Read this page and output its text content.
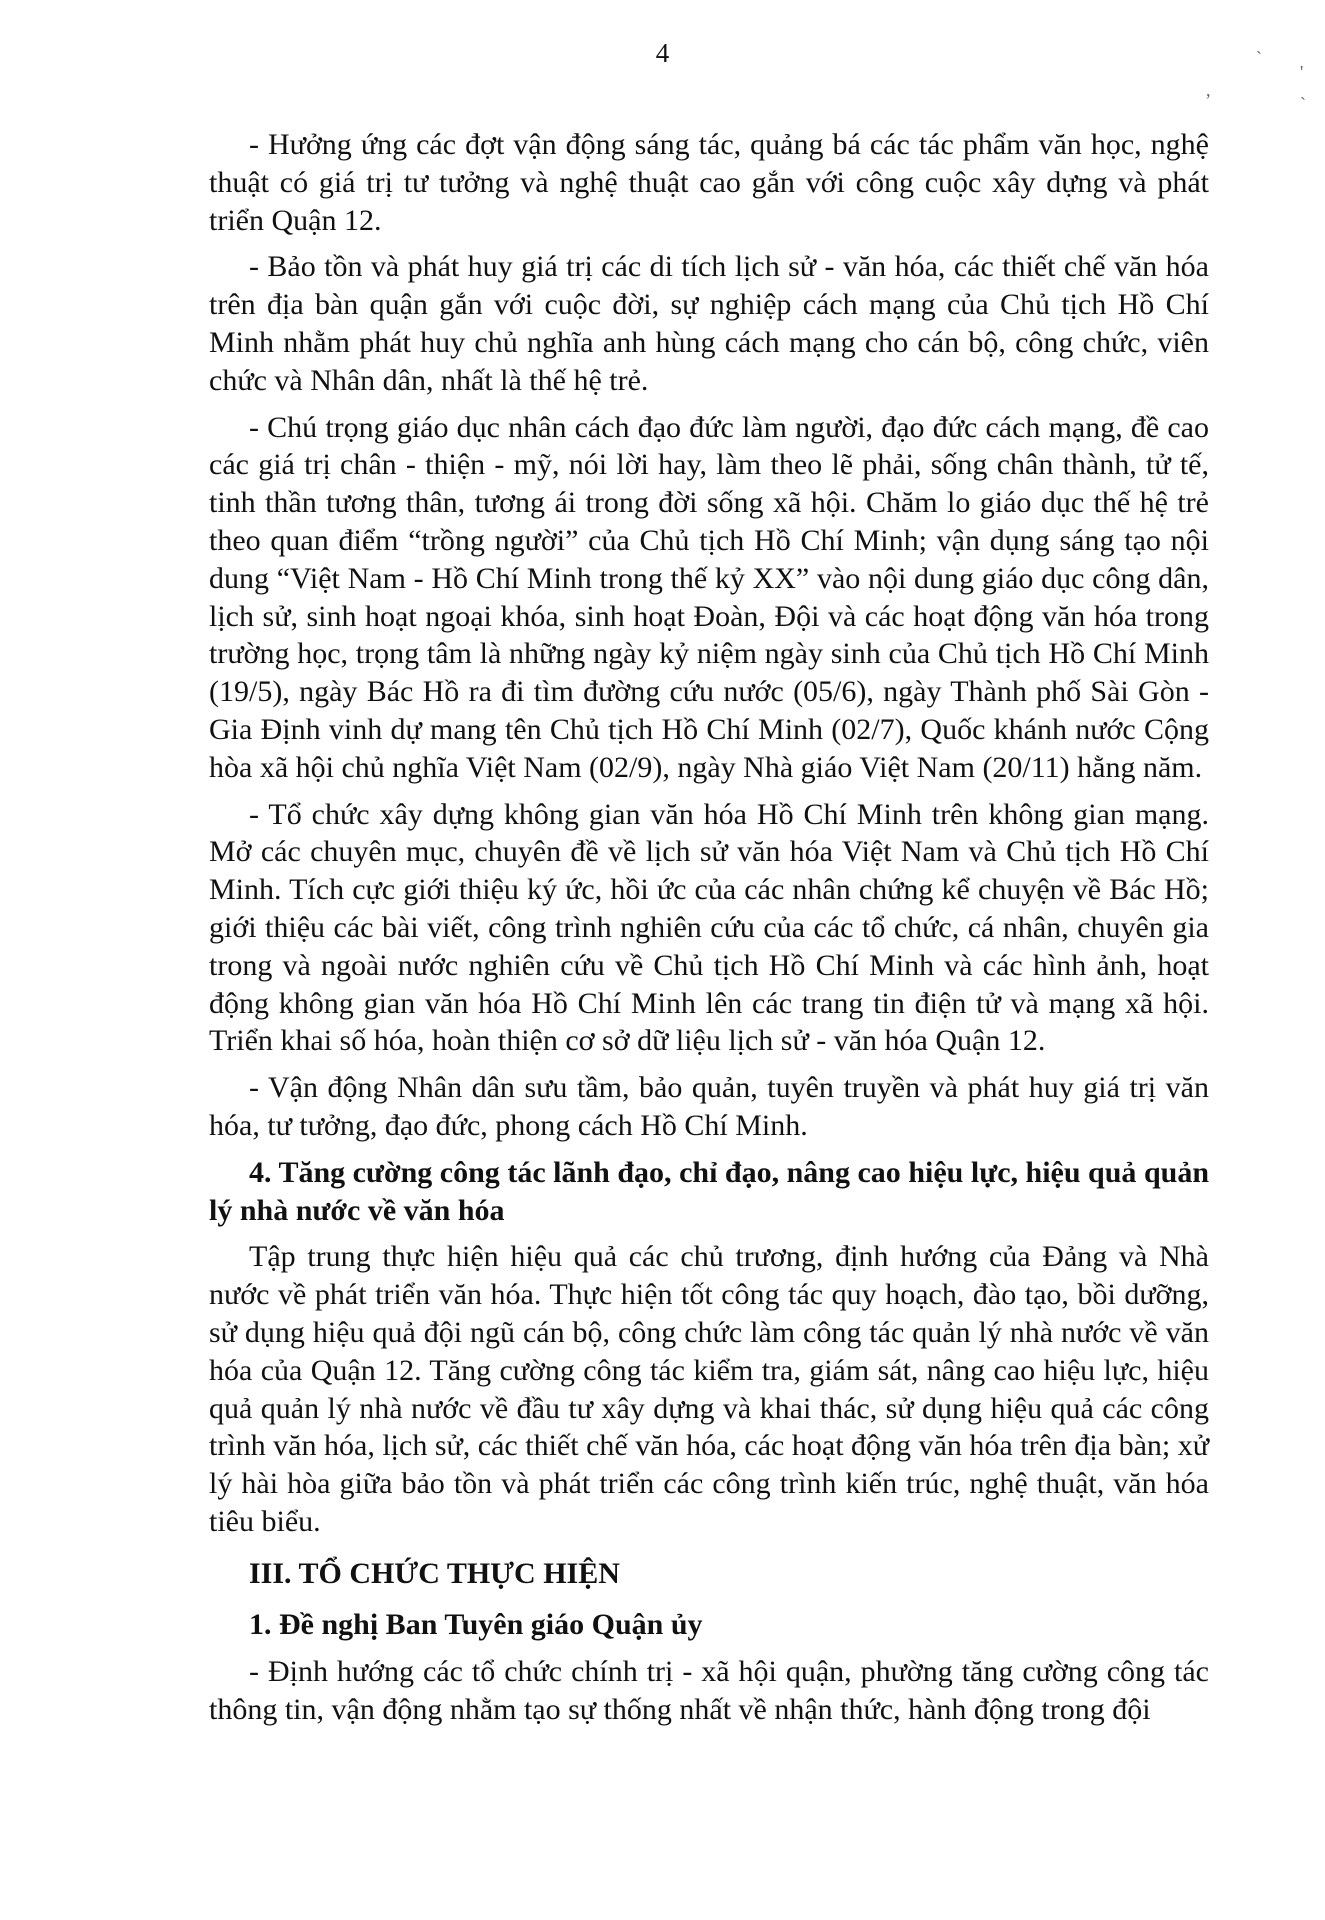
4	`
'
,	ˎ

- Hưởng ứng các đợt vận động sáng tác, quảng bá các tác phẩm văn học, nghệ thuật có giá trị tư tưởng và nghệ thuật cao gắn với công cuộc xây dựng và phát triển Quận 12.

- Bảo tồn và phát huy giá trị các di tích lịch sử - văn hóa, các thiết chế văn hóa trên địa bàn quận gắn với cuộc đời, sự nghiệp cách mạng của Chủ tịch Hồ Chí Minh nhằm phát huy chủ nghĩa anh hùng cách mạng cho cán bộ, công chức, viên chức và Nhân dân, nhất là thế hệ trẻ.

- Chú trọng giáo dục nhân cách đạo đức làm người, đạo đức cách mạng, đề cao các giá trị chân - thiện - mỹ, nói lời hay, làm theo lẽ phải, sống chân thành, tử tế, tinh thần tương thân, tương ái trong đời sống xã hội. Chăm lo giáo dục thế hệ trẻ theo quan điểm “trồng người” của Chủ tịch Hồ Chí Minh; vận dụng sáng tạo nội dung “Việt Nam - Hồ Chí Minh trong thế kỷ XX” vào nội dung giáo dục công dân, lịch sử, sinh hoạt ngoại khóa, sinh hoạt Đoàn, Đội và các hoạt động văn hóa trong trường học, trọng tâm là những ngày kỷ niệm ngày sinh của Chủ tịch Hồ Chí Minh (19/5), ngày Bác Hồ ra đi tìm đường cứu nước (05/6), ngày Thành phố Sài Gòn - Gia Định vinh dự mang tên Chủ tịch Hồ Chí Minh (02/7), Quốc khánh nước Cộng hòa xã hội chủ nghĩa Việt Nam (02/9), ngày Nhà giáo Việt Nam (20/11) hằng năm.

- Tổ chức xây dựng không gian văn hóa Hồ Chí Minh trên không gian mạng. Mở các chuyên mục, chuyên đề về lịch sử văn hóa Việt Nam và Chủ tịch Hồ Chí Minh. Tích cực giới thiệu ký ức, hồi ức của các nhân chứng kể chuyện về Bác Hồ; giới thiệu các bài viết, công trình nghiên cứu của các tổ chức, cá nhân, chuyên gia trong và ngoài nước nghiên cứu về Chủ tịch Hồ Chí Minh và các hình ảnh, hoạt động không gian văn hóa Hồ Chí Minh lên các trang tin điện tử và mạng xã hội. Triển khai số hóa, hoàn thiện cơ sở dữ liệu lịch sử - văn hóa Quận 12.

- Vận động Nhân dân sưu tầm, bảo quản, tuyên truyền và phát huy giá trị văn hóa, tư tưởng, đạo đức, phong cách Hồ Chí Minh.

4. Tăng cường công tác lãnh đạo, chỉ đạo, nâng cao hiệu lực, hiệu quả quản lý nhà nước về văn hóa

Tập trung thực hiện hiệu quả các chủ trương, định hướng của Đảng và Nhà nước về phát triển văn hóa. Thực hiện tốt công tác quy hoạch, đào tạo, bồi dưỡng, sử dụng hiệu quả đội ngũ cán bộ, công chức làm công tác quản lý nhà nước về văn hóa của Quận 12. Tăng cường công tác kiểm tra, giám sát, nâng cao hiệu lực, hiệu quả quản lý nhà nước về đầu tư xây dựng và khai thác, sử dụng hiệu quả các công trình văn hóa, lịch sử, các thiết chế văn hóa, các hoạt động văn hóa trên địa bàn; xử lý hài hòa giữa bảo tồn và phát triển các công trình kiến trúc, nghệ thuật, văn hóa tiêu biểu.

III. TỔ CHỨC THỰC HIỆN

1. Đề nghị Ban Tuyên giáo Quận ủy

- Định hướng các tổ chức chính trị - xã hội quận, phường tăng cường công tác thông tin, vận động nhằm tạo sự thống nhất về nhận thức, hành động trong đội
